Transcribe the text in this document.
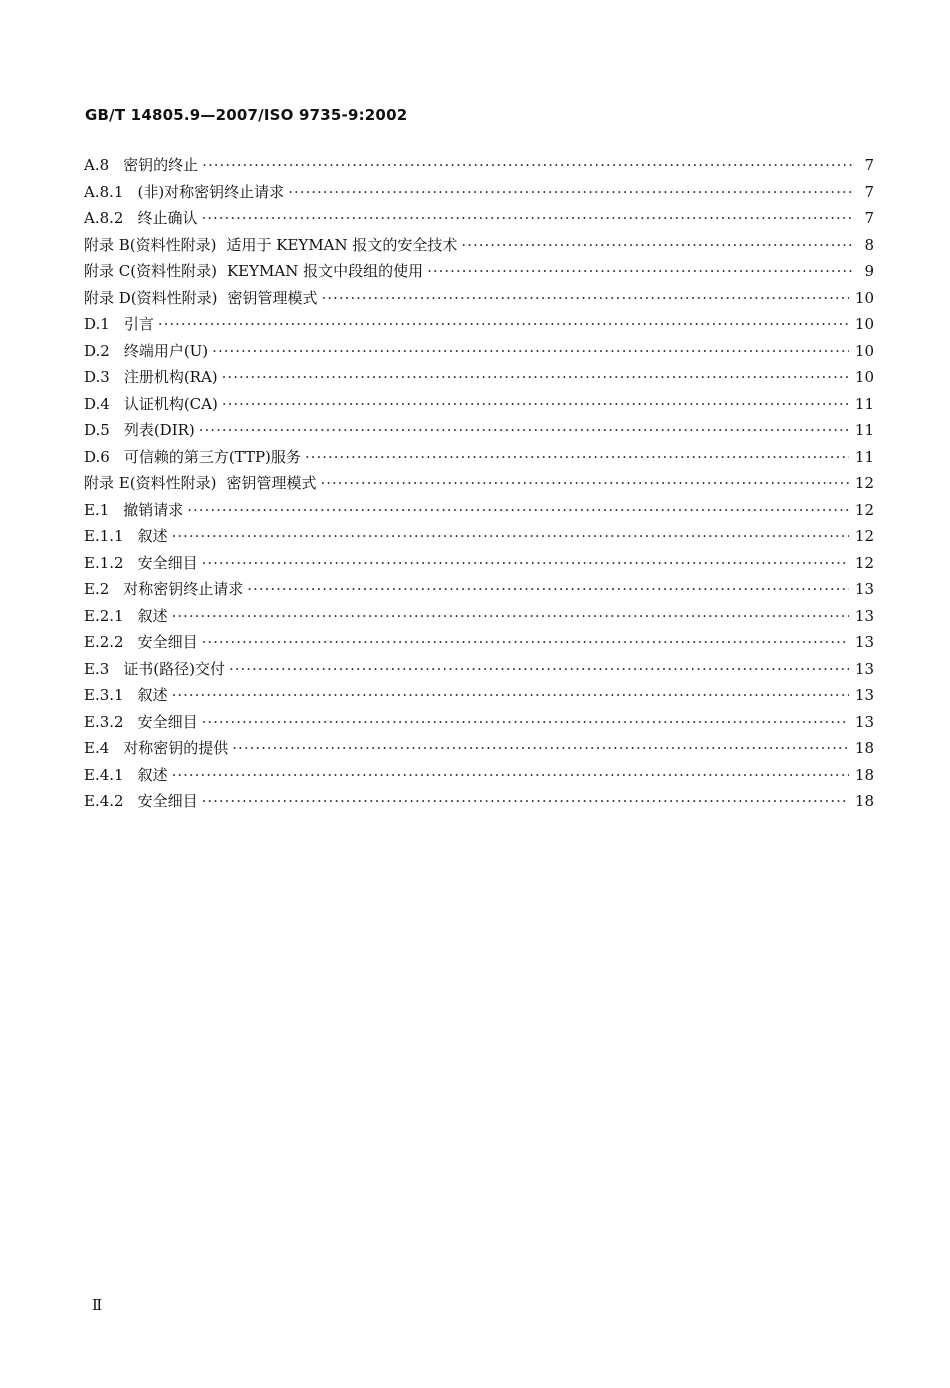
GB/T 14805.9—2007/ISO 9735-9:2002
A.8 密钥的终止 ·····	7
A.8.1 (非)对称密钥终止请求 ·····	7
A.8.2 终止确认 ·····	7
附录 B(资料性附录) 适用于 KEYMAN 报文的安全技术 ·····	8
附录 C(资料性附录) KEYMAN 报文中段组的使用 ·····	9
附录 D(资料性附录) 密钥管理模式 ·····	10
D.1 引言 ·····	10
D.2 终端用户(U) ·····	10
D.3 注册机构(RA) ·····	10
D.4 认证机构(CA) ·····	11
D.5 列表(DIR) ·····	11
D.6 可信赖的第三方(TTP)服务 ·····	11
附录 E(资料性附录) 密钥管理模式 ·····	12
E.1 撤销请求 ·····	12
E.1.1 叙述 ·····	12
E.1.2 安全细目 ·····	12
E.2 对称密钥终止请求 ·····	13
E.2.1 叙述 ·····	13
E.2.2 安全细目 ·····	13
E.3 证书(路径)交付 ·····	13
E.3.1 叙述 ·····	13
E.3.2 安全细目 ·····	13
E.4 对称密钥的提供 ·····	18
E.4.1 叙述 ·····	18
E.4.2 安全细目 ·····	18
Ⅱ
